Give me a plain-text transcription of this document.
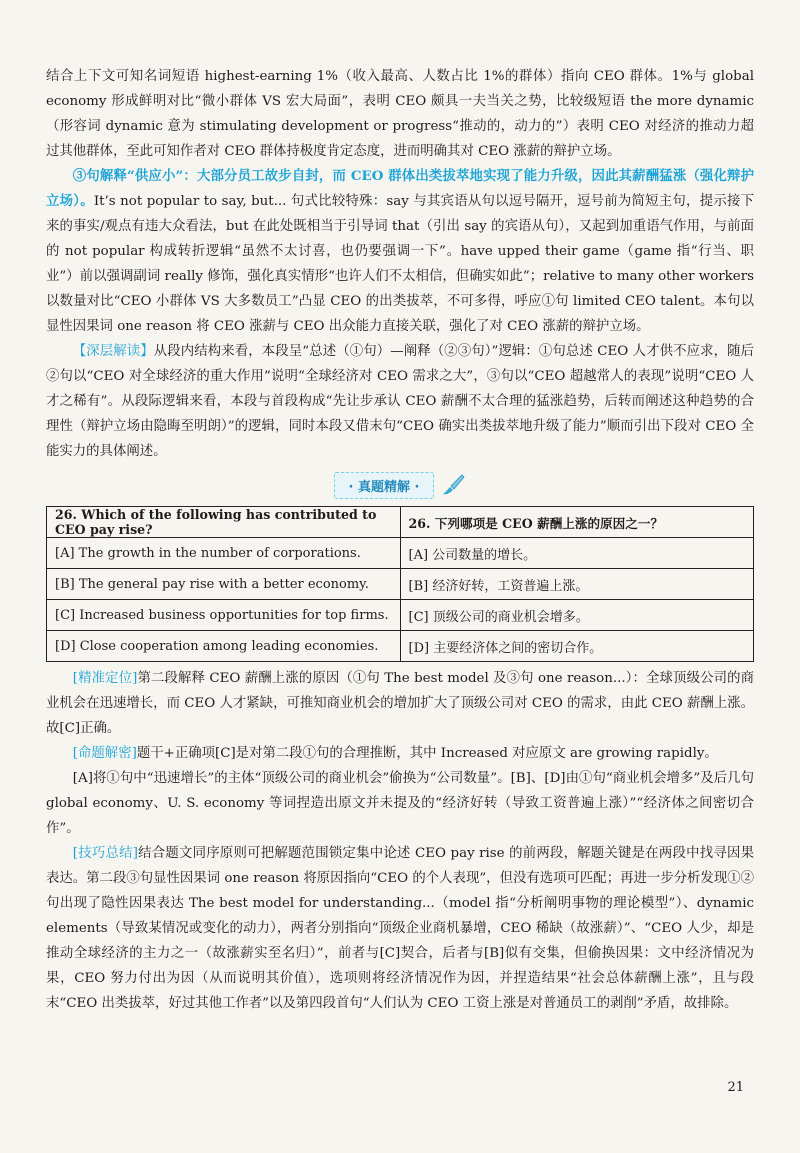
结合上下文可知名词短语 highest-earning 1%（收入最高、人数占比 1%的群体）指向 CEO 群体。1%与 global economy 形成鲜明对比“微小群体 VS 宏大局面”，表明 CEO 颇具一夫当关之势，比较级短语 the more dynamic（形容词 dynamic 意为 stimulating development or progress“推动的，动力的”）表明 CEO 对经济的推动力超过其他群体，至此可知作者对 CEO 群体持极度肯定态度，进而明确其对 CEO 涨薪的辩护立场。

③句解释“供应小”：大部分员工故步自封，而 CEO 群体出类拔萃地实现了能力升级，因此其薪酬猛涨（强化辩护立场）。It’s not popular to say, but... 句式比较特殊：say 与其宾语从句以逗号隔开，逗号前为简短主句，提示接下来的事实/观点有违大众看法，but 在此处既相当于引导词 that（引出 say 的宾语从句），又起到加重语气作用，与前面的 not popular 构成转折逻辑“虽然不太讨喜，也仍要强调一下”。have upped their game（game 指“行当、职业”）前以强调副词 really 修饰，强化真实情形“也许人们不太相信，但确实如此”；relative to many other workers 以数量对比“CEO 小群体 VS 大多数员工”凸显 CEO 的出类拔萃，不可多得，呼应①句 limited CEO talent。本句以显性因果词 one reason 将 CEO 涨薪与 CEO 出众能力直接关联，强化了对 CEO 涨薪的辩护立场。

【深层解读】从段内结构来看，本段呈“总述（①句）—阐释（②③句）”逻辑：①句总述 CEO 人才供不应求，随后②句以“CEO 对全球经济的重大作用”说明“全球经济对 CEO 需求之大”，③句以“CEO 超越常人的表现”说明“CEO 人才之稀有”。从段际逻辑来看，本段与首段构成“先让步承认 CEO 薪酬不太合理的猛涨趋势，后转而阐述这种趋势的合理性（辩护立场由隐晦至明朗）”的逻辑，同时本段又借末句“CEO 确实出类拔萃地升级了能力”顺而引出下段对 CEO 全能实力的具体阐述。

· 真题精解 ·
26. Which of the following has contributed to CEO pay rise?	26. 下列哪项是 CEO 薪酬上涨的原因之一？
[A] The growth in the number of corporations.	[A] 公司数量的增长。
[B] The general pay rise with a better economy.	[B] 经济好转，工资普遍上涨。
[C] Increased business opportunities for top firms.	[C] 顶级公司的商业机会增多。
[D] Close cooperation among leading economies.	[D] 主要经济体之间的密切合作。

[精准定位]第二段解释 CEO 薪酬上涨的原因（①句 The best model 及③句 one reason...）：全球顶级公司的商业机会在迅速增长，而 CEO 人才紧缺，可推知商业机会的增加扩大了顶级公司对 CEO 的需求，由此 CEO 薪酬上涨。故[C]正确。

[命题解密]题干+正确项[C]是对第二段①句的合理推断，其中 Increased 对应原文 are growing rapidly。

[A]将①句中“迅速增长”的主体“顶级公司的商业机会”偷换为“公司数量”。[B]、[D]由①句“商业机会增多”及后几句 global economy、U. S. economy 等词捏造出原文并未提及的“经济好转（导致工资普遍上涨）”“经济体之间密切合作”。

[技巧总结]结合题文同序原则可把解题范围锁定集中论述 CEO pay rise 的前两段，解题关键是在两段中找寻因果表达。第二段③句显性因果词 one reason 将原因指向“CEO 的个人表现”，但没有选项可匹配；再进一步分析发现①②句出现了隐性因果表达 The best model for understanding...（model 指“分析阐明事物的理论模型”）、dynamic elements（导致某情况或变化的动力），两者分别指向“顶级企业商机暴增，CEO 稀缺（故涨薪）”、“CEO 人少，却是推动全球经济的主力之一（故涨薪实至名归）”，前者与[C]契合，后者与[B]似有交集，但偷换因果：文中经济情况为果，CEO 努力付出为因（从而说明其价值），选项则将经济情况作为因，并捏造结果“社会总体薪酬上涨”，且与段末“CEO 出类拔萃，好过其他工作者”以及第四段首句“人们认为 CEO 工资上涨是对普通员工的剥削”矛盾，故排除。

21
